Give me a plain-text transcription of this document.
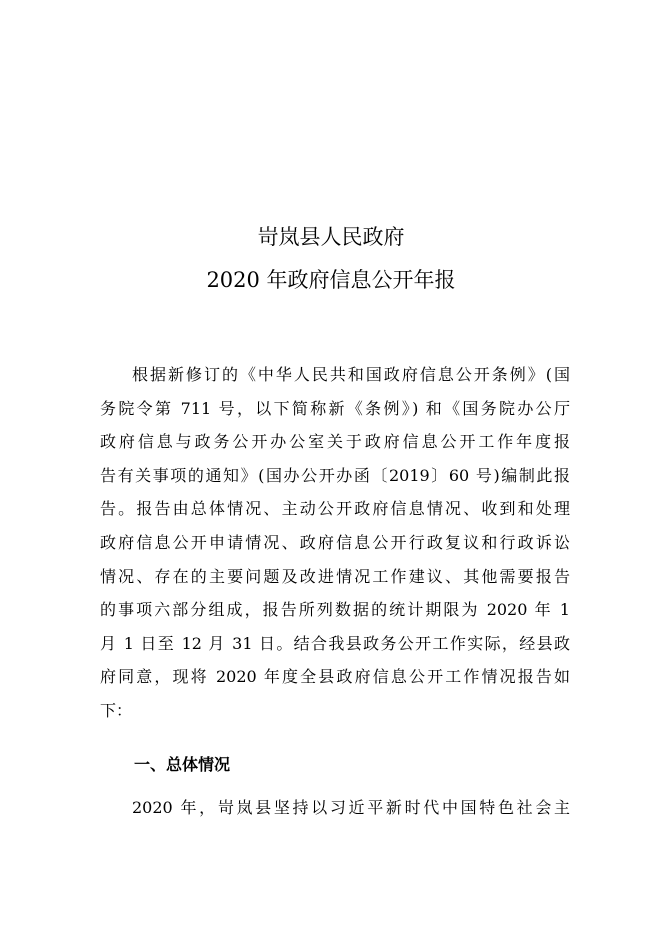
岢岚县人民政府
2020 年政府信息公开年报
根据新修订的《中华人民共和国政府信息公开条例》(国
务院令第 711 号，以下简称新《条例》) 和《国务院办公厅
政府信息与政务公开办公室关于政府信息公开工作年度报
告有关事项的通知》(国办公开办函〔2019〕60 号)编制此报
告。报告由总体情况、主动公开政府信息情况、收到和处理
政府信息公开申请情况、政府信息公开行政复议和行政诉讼
情况、存在的主要问题及改进情况工作建议、其他需要报告
的事项六部分组成，报告所列数据的统计期限为 2020 年 1
月 1 日至 12 月 31 日。结合我县政务公开工作实际，经县政
府同意，现将 2020 年度全县政府信息公开工作情况报告如
下：
一、总体情况
2020 年，岢岚县坚持以习近平新时代中国特色社会主
